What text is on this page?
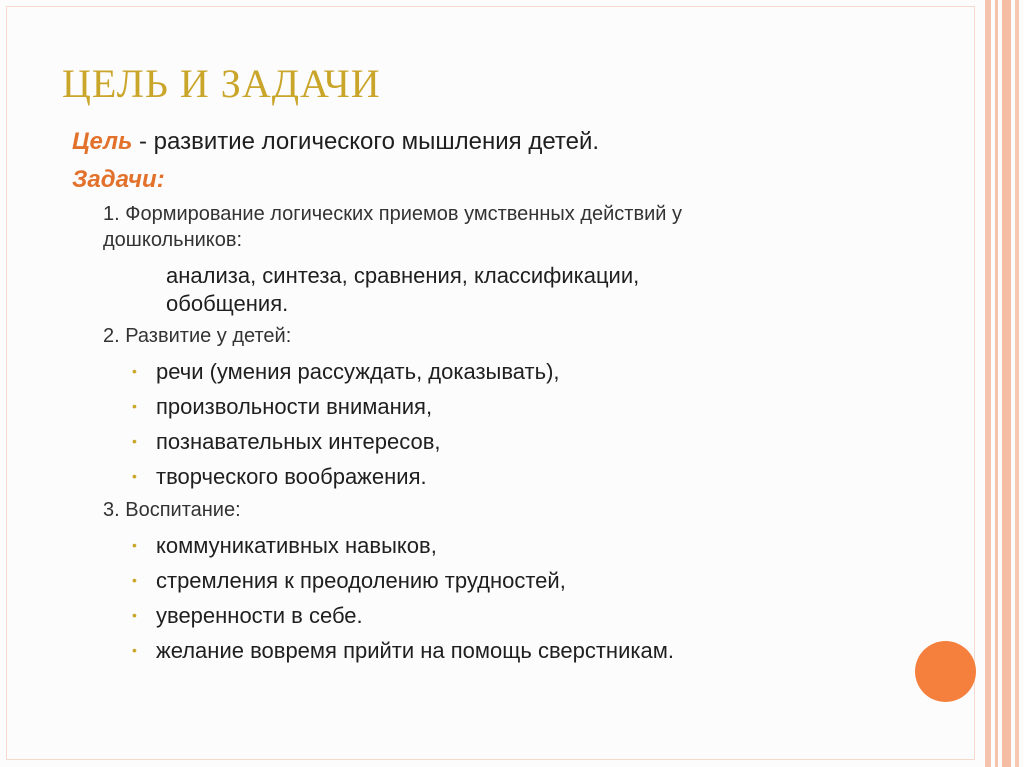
ЦЕЛЬ И ЗАДАЧИ
Цель - развитие логического мышления детей.
Задачи:
1. Формирование логических приемов умственных действий у
дошкольников:
анализа, синтеза, сравнения, классификации,
обобщения.
2. Развитие у детей:
• речи (умения рассуждать, доказывать),
• произвольности внимания,
• познавательных интересов,
• творческого воображения.
3. Воспитание:
• коммуникативных навыков,
• стремления к преодолению трудностей,
• уверенности в себе.
• желание вовремя прийти на помощь сверстникам.
